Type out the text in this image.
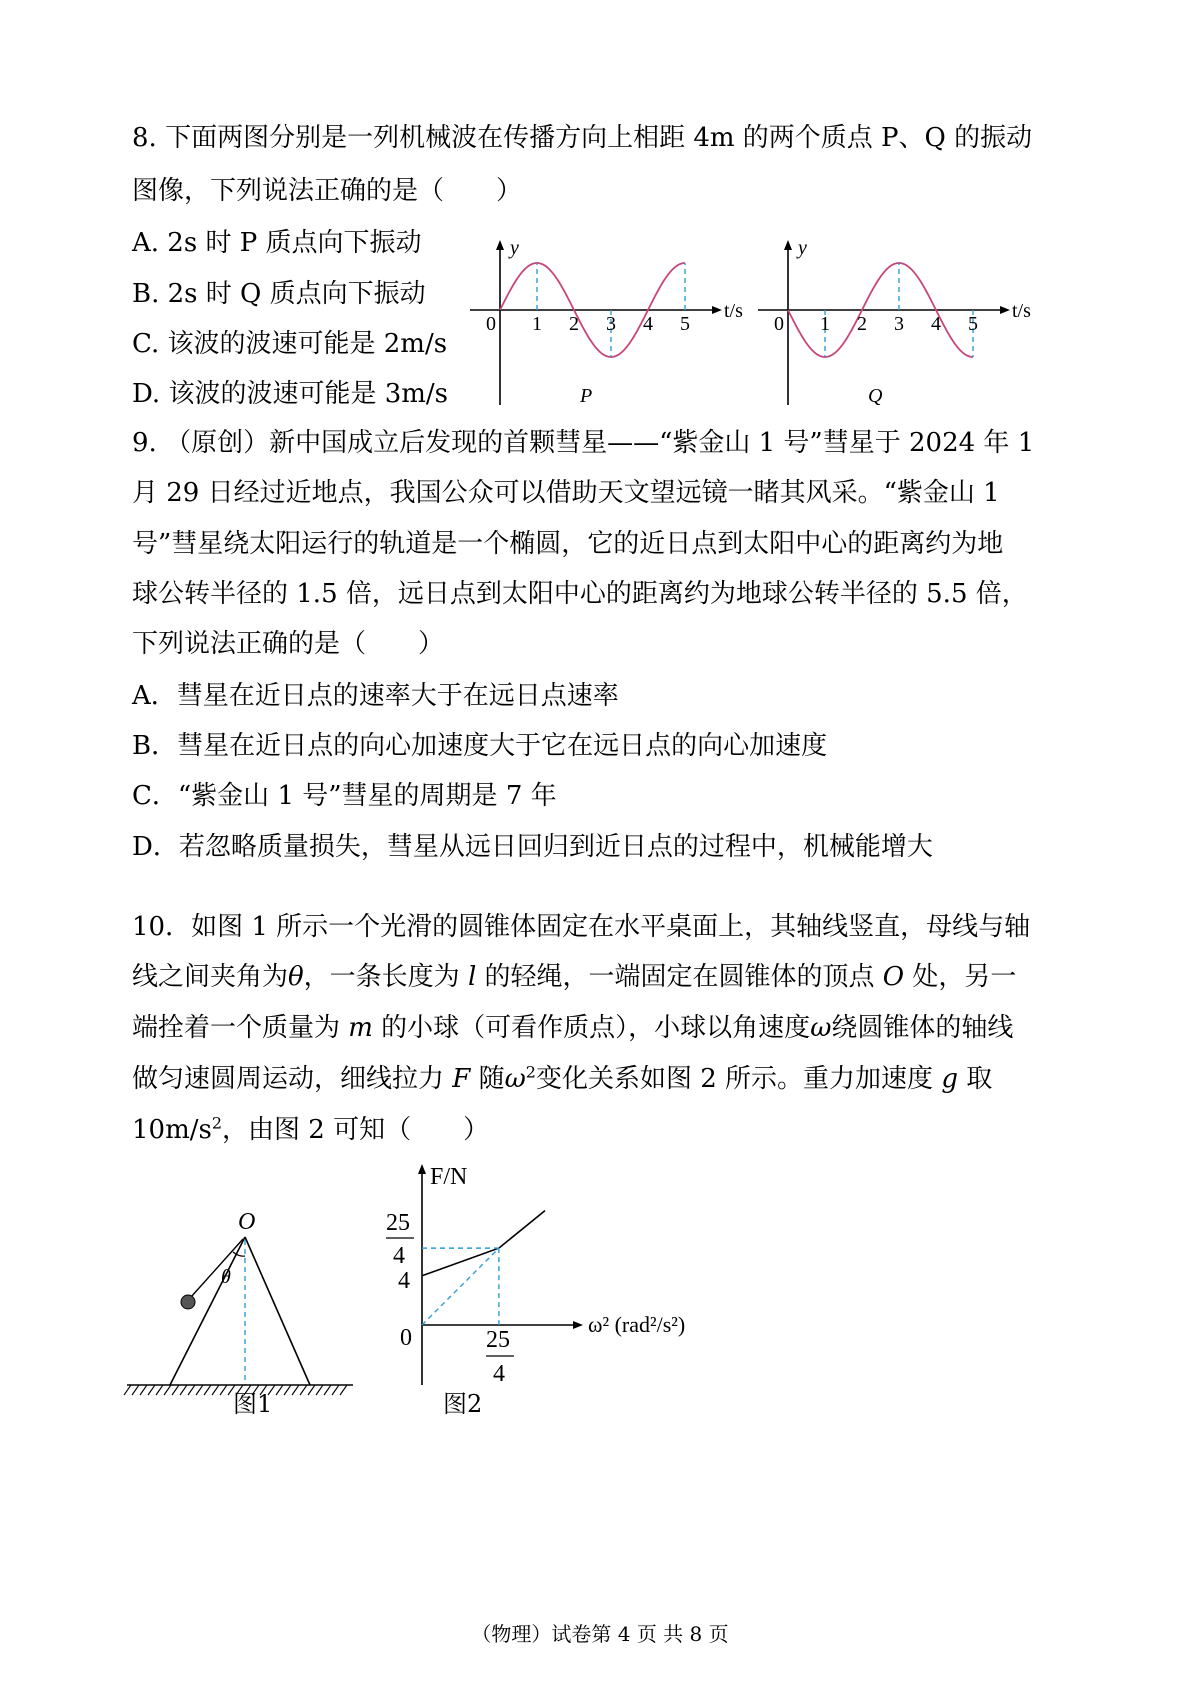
8. 下面两图分别是一列机械波在传播方向上相距 4m 的两个质点 P、Q 的振动
图像，下列说法正确的是（　　）
A. 2s 时 P 质点向下振动
B. 2s 时 Q 质点向下振动
C. 该波的波速可能是 2m/s
D. 该波的波速可能是 3m/s
y
t/s
0 1 2 3 4 5
P
y
t/s
0 1 2 3 4 5
Q
9. （原创）新中国成立后发现的首颗彗星——“紫金山 1 号”彗星于 2024 年 1
月 29 日经过近地点，我国公众可以借助天文望远镜一睹其风采。“紫金山 1
号”彗星绕太阳运行的轨道是一个椭圆，它的近日点到太阳中心的距离约为地
球公转半径的 1.5 倍，远日点到太阳中心的距离约为地球公转半径的 5.5 倍，
下列说法正确的是（　　）
A．彗星在近日点的速率大于在远日点速率
B．彗星在近日点的向心加速度大于它在远日点的向心加速度
C．“紫金山 1 号”彗星的周期是 7 年
D．若忽略质量损失，彗星从远日回归到近日点的过程中，机械能增大
10．如图 1 所示一个光滑的圆锥体固定在水平桌面上，其轴线竖直，母线与轴
线之间夹角为θ，一条长度为 l 的轻绳，一端固定在圆锥体的顶点 O 处，另一
端拴着一个质量为 m 的小球（可看作质点），小球以角速度ω绕圆锥体的轴线
做匀速圆周运动，细线拉力 F 随$\omega^2$变化关系如图 2 所示。重力加速度 g 取
$10m/s^2$，由图 2 可知（　　）
O
θ
图1
F/N
ω² (rad²/s²)
0
4
25
4
25
4
图2
（物理）试卷第 4 页 共 8 页
